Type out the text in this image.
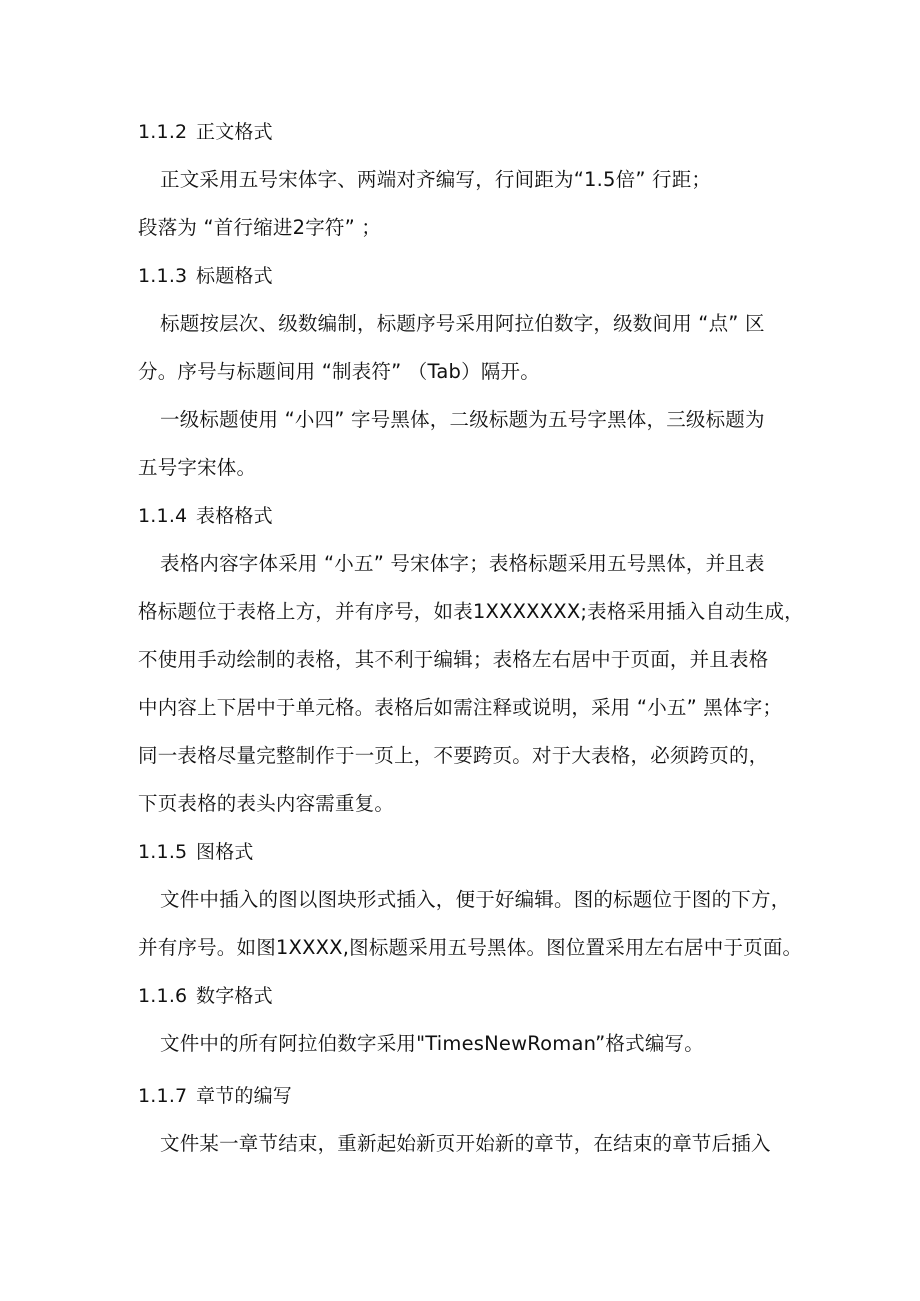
1.1.2 正文格式
正文采用五号宋体字、两端对齐编写，行间距为“1.5倍” 行距；
段落为 “首行缩进2字符” ；
1.1.3 标题格式
标题按层次、级数编制，标题序号采用阿拉伯数字，级数间用 “点” 区
分。序号与标题间用 “制表符” （Tab）隔开。
一级标题使用 “小四” 字号黑体，二级标题为五号字黑体，三级标题为
五号字宋体。
1.1.4 表格格式
表格内容字体采用 “小五” 号宋体字；表格标题采用五号黑体，并且表
格标题位于表格上方，并有序号，如表1XXXXXXX;表格采用插入自动生成，
不使用手动绘制的表格，其不利于编辑；表格左右居中于页面，并且表格
中内容上下居中于单元格。表格后如需注释或说明，采用 “小五” 黑体字；
同一表格尽量完整制作于一页上，不要跨页。对于大表格，必须跨页的，
下页表格的表头内容需重复。
1.1.5 图格式
文件中插入的图以图块形式插入，便于好编辑。图的标题位于图的下方，
并有序号。如图1XXXX,图标题采用五号黑体。图位置采用左右居中于页面。
1.1.6 数字格式
文件中的所有阿拉伯数字采用"TimesNewRoman”格式编写。
1.1.7 章节的编写
文件某一章节结束，重新起始新页开始新的章节，在结束的章节后插入
